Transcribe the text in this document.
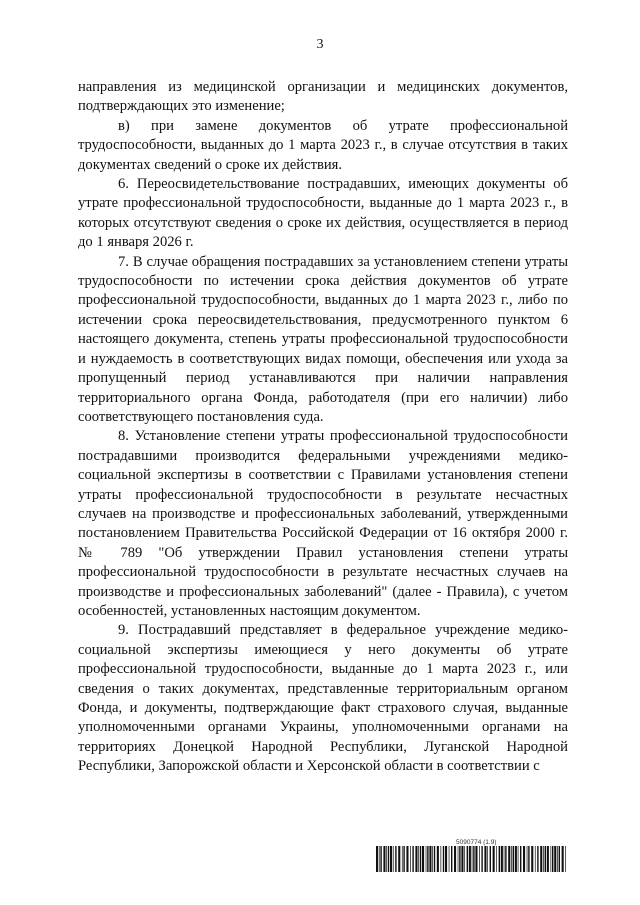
3

направления из медицинской организации и медицинских документов, подтверждающих это изменение;

в) при замене документов об утрате профессиональной трудоспособности, выданных до 1 марта 2023 г., в случае отсутствия в таких документах сведений о сроке их действия.

6. Переосвидетельствование пострадавших, имеющих документы об утрате профессиональной трудоспособности, выданные до 1 марта 2023 г., в которых отсутствуют сведения о сроке их действия, осуществляется в период до 1 января 2026 г.

7. В случае обращения пострадавших за установлением степени утраты трудоспособности по истечении срока действия документов об утрате профессиональной трудоспособности, выданных до 1 марта 2023 г., либо по истечении срока переосвидетельствования, предусмотренного пунктом 6 настоящего документа, степень утраты профессиональной трудоспособности и нуждаемость в соответствующих видах помощи, обеспечения или ухода за пропущенный период устанавливаются при наличии направления территориального органа Фонда, работодателя (при его наличии) либо соответствующего постановления суда.

8. Установление степени утраты профессиональной трудоспособности пострадавшими производится федеральными учреждениями медико-социальной экспертизы в соответствии с Правилами установления степени утраты профессиональной трудоспособности в результате несчастных случаев на производстве и профессиональных заболеваний, утвержденными постановлением Правительства Российской Федерации от 16 октября 2000 г. № 789 "Об утверждении Правил установления степени утраты профессиональной трудоспособности в результате несчастных случаев на производстве и профессиональных заболеваний" (далее - Правила), с учетом особенностей, установленных настоящим документом.

9. Пострадавший представляет в федеральное учреждение медико-социальной экспертизы имеющиеся у него документы об утрате профессиональной трудоспособности, выданные до 1 марта 2023 г., или сведения о таких документах, представленные территориальным органом Фонда, и документы, подтверждающие факт страхового случая, выданные уполномоченными органами Украины, уполномоченными органами на территориях Донецкой Народной Республики, Луганской Народной Республики, Запорожской области и Херсонской области в соответствии с

5090774 (1.9)
